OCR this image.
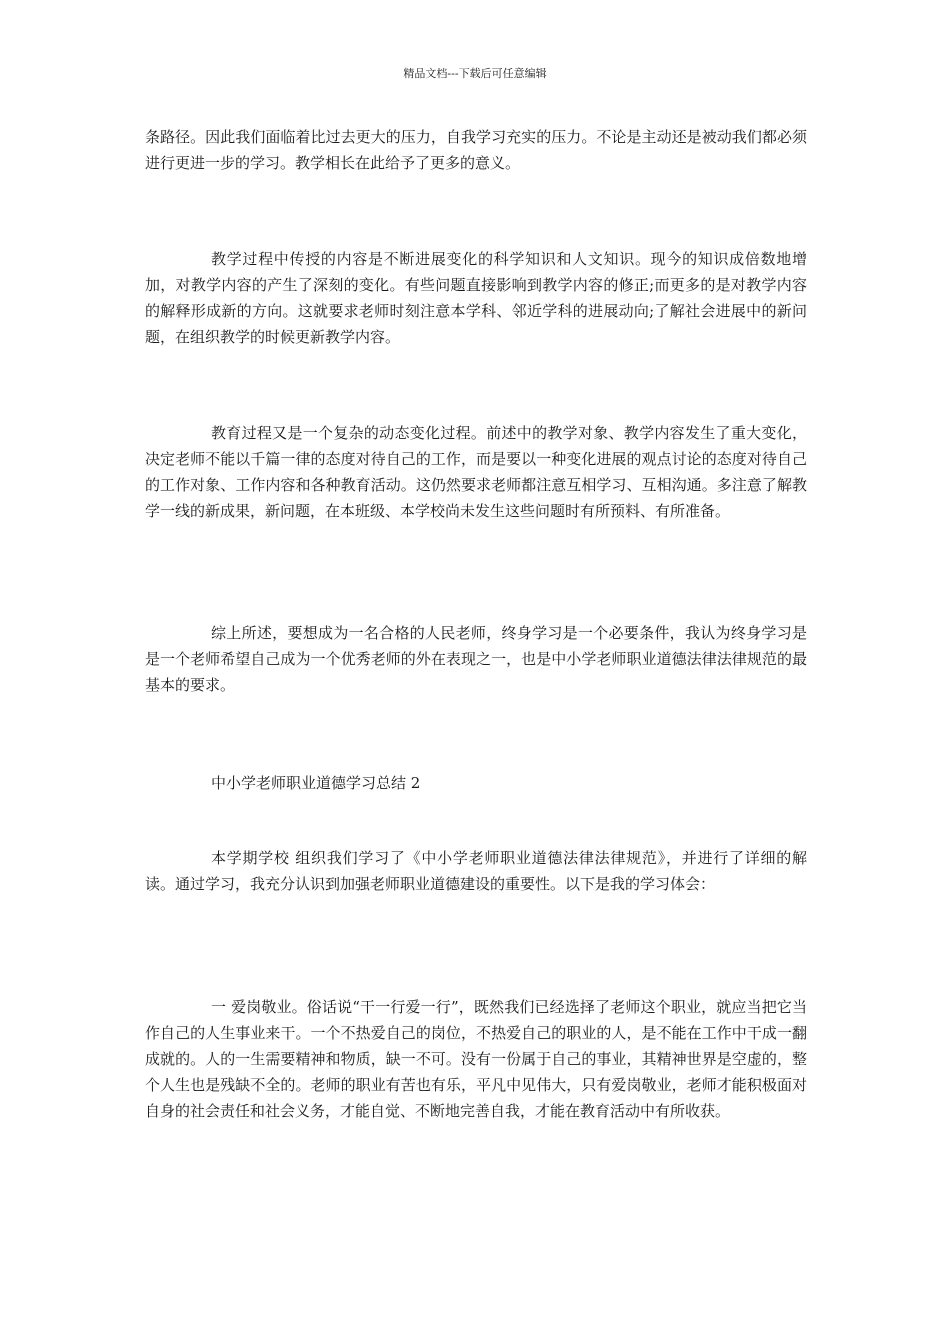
精品文档---下载后可任意编辑

条路径。因此我们面临着比过去更大的压力，自我学习充实的压力。不论是主动还是被动我们都必须进行更进一步的学习。教学相长在此给予了更多的意义。

教学过程中传授的内容是不断进展变化的科学知识和人文知识。现今的知识成倍数地增加，对教学内容的产生了深刻的变化。有些问题直接影响到教学内容的修正;而更多的是对教学内容的解释形成新的方向。这就要求老师时刻注意本学科、邻近学科的进展动向;了解社会进展中的新问题，在组织教学的时候更新教学内容。

教育过程又是一个复杂的动态变化过程。前述中的教学对象、教学内容发生了重大变化，决定老师不能以千篇一律的态度对待自己的工作，而是要以一种变化进展的观点讨论的态度对待自己的工作对象、工作内容和各种教育活动。这仍然要求老师都注意互相学习、互相沟通。多注意了解教学一线的新成果，新问题，在本班级、本学校尚未发生这些问题时有所预料、有所准备。

综上所述，要想成为一名合格的人民老师，终身学习是一个必要条件，我认为终身学习是是一个老师希望自己成为一个优秀老师的外在表现之一，也是中小学老师职业道德法律法律规范的最基本的要求。

中小学老师职业道德学习总结 2

本学期学校 组织我们学习了《中小学老师职业道德法律法律规范》，并进行了详细的解读。通过学习，我充分认识到加强老师职业道德建设的重要性。以下是我的学习体会：

一 爱岗敬业。俗话说“干一行爱一行”，既然我们已经选择了老师这个职业，就应当把它当作自己的人生事业来干。一个不热爱自己的岗位，不热爱自己的职业的人，是不能在工作中干成一翻成就的。人的一生需要精神和物质，缺一不可。没有一份属于自己的事业，其精神世界是空虚的，整个人生也是残缺不全的。老师的职业有苦也有乐，平凡中见伟大，只有爱岗敬业，老师才能积极面对自身的社会责任和社会义务，才能自觉、不断地完善自我，才能在教育活动中有所收获。
